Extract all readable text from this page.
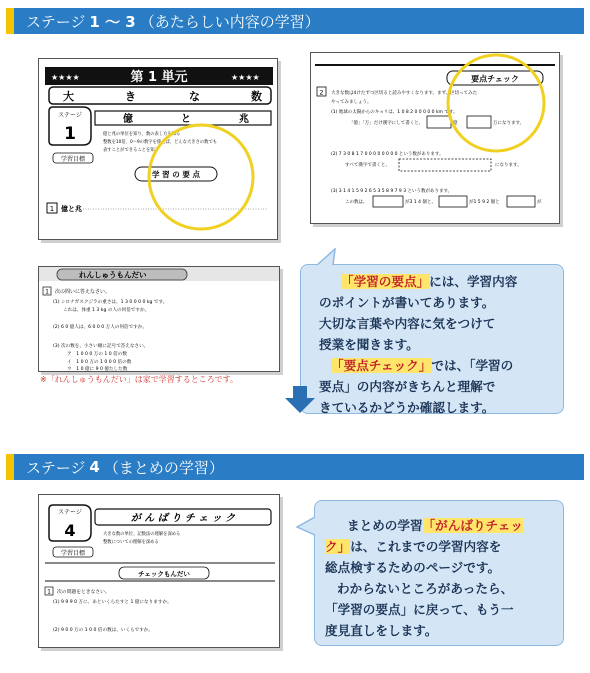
ステージ 1 ～ 3 （あたらしい内容の学習）
★★★★	第 1 単元	★★★★
大	き	な	数
ステージ
1
億	と	兆
学習目標
億と兆の単位を知り、数の表し方を知る
整数を10倍、0～9の数字を使えば、どんな大きさの数でも
表すことができることを知る
学 習 の 要 点
1 億と兆
要点チェック
2 大きな数は4けたずつ区切ると読みやすくなります。まず、区切ってみた
やってみましょう。
(1) 地球の太陽からのキョリは、1 0 8 2 0 0 0 0 0 km です。
「億」「万」だけ漢字にして書くと、	億	万になります。
(2) 7 3 0 8 1 7 0 0 0 0 0 0 0 0 という数があります。
すべて漢字で書くと、	になります。
(3) 3 1 4 1 5 9 2 6 5 3 5 8 9 7 9 3 という数があります。
この数は、	が3 1 4 個と、	が1 5 9 2 個と	が
れんしゅうもんだい
1 次の問いに答えなさい。
(1) シロナガスクジラの重さは、1 3 0 0 0 0 kg です。
これは、体重 1 3 kg の人の何倍ですか。
(2) 6 0 億人は、6 0 0 0 万人の何倍ですか。
(3) 次の数を、小さい順に記号で答えなさい。
ア　1 0 0 0 万の 1 0 倍の数
イ　1 0 0 万の 1 0 0 0 倍の数
ウ　1 0 億に 9 0 億たした数
※「れんしゅうもんだい」は家で学習するところです。
「学習の要点」には、学習内容
のポイントが書いてあります。
大切な言葉や内容に気をつけて
授業を聞きます。
「要点チェック」では、「学習の
要点」の内容がきちんと理解で
きているかどうか確認します。
ステージ 4 （まとめの学習）
ステージ
4
が ん ば り チ ェ ッ ク
学習目標
大きな数の単位、記数法の理解を深める
整数についての理解を深める
チェックもんだい
1 次の問題をときなさい。
(1) 9 9 9 0 万に、あといくらたすと 1 億になりますか。
(2) 9 0 0 万の 1 0 0 倍の数は、いくらですか。
まとめの学習「がんばりチェッ
ク」は、これまでの学習内容を
総点検するためのページです。
わからないところがあったら、
「学習の要点」に戻って、もう一
度見直しをします。
